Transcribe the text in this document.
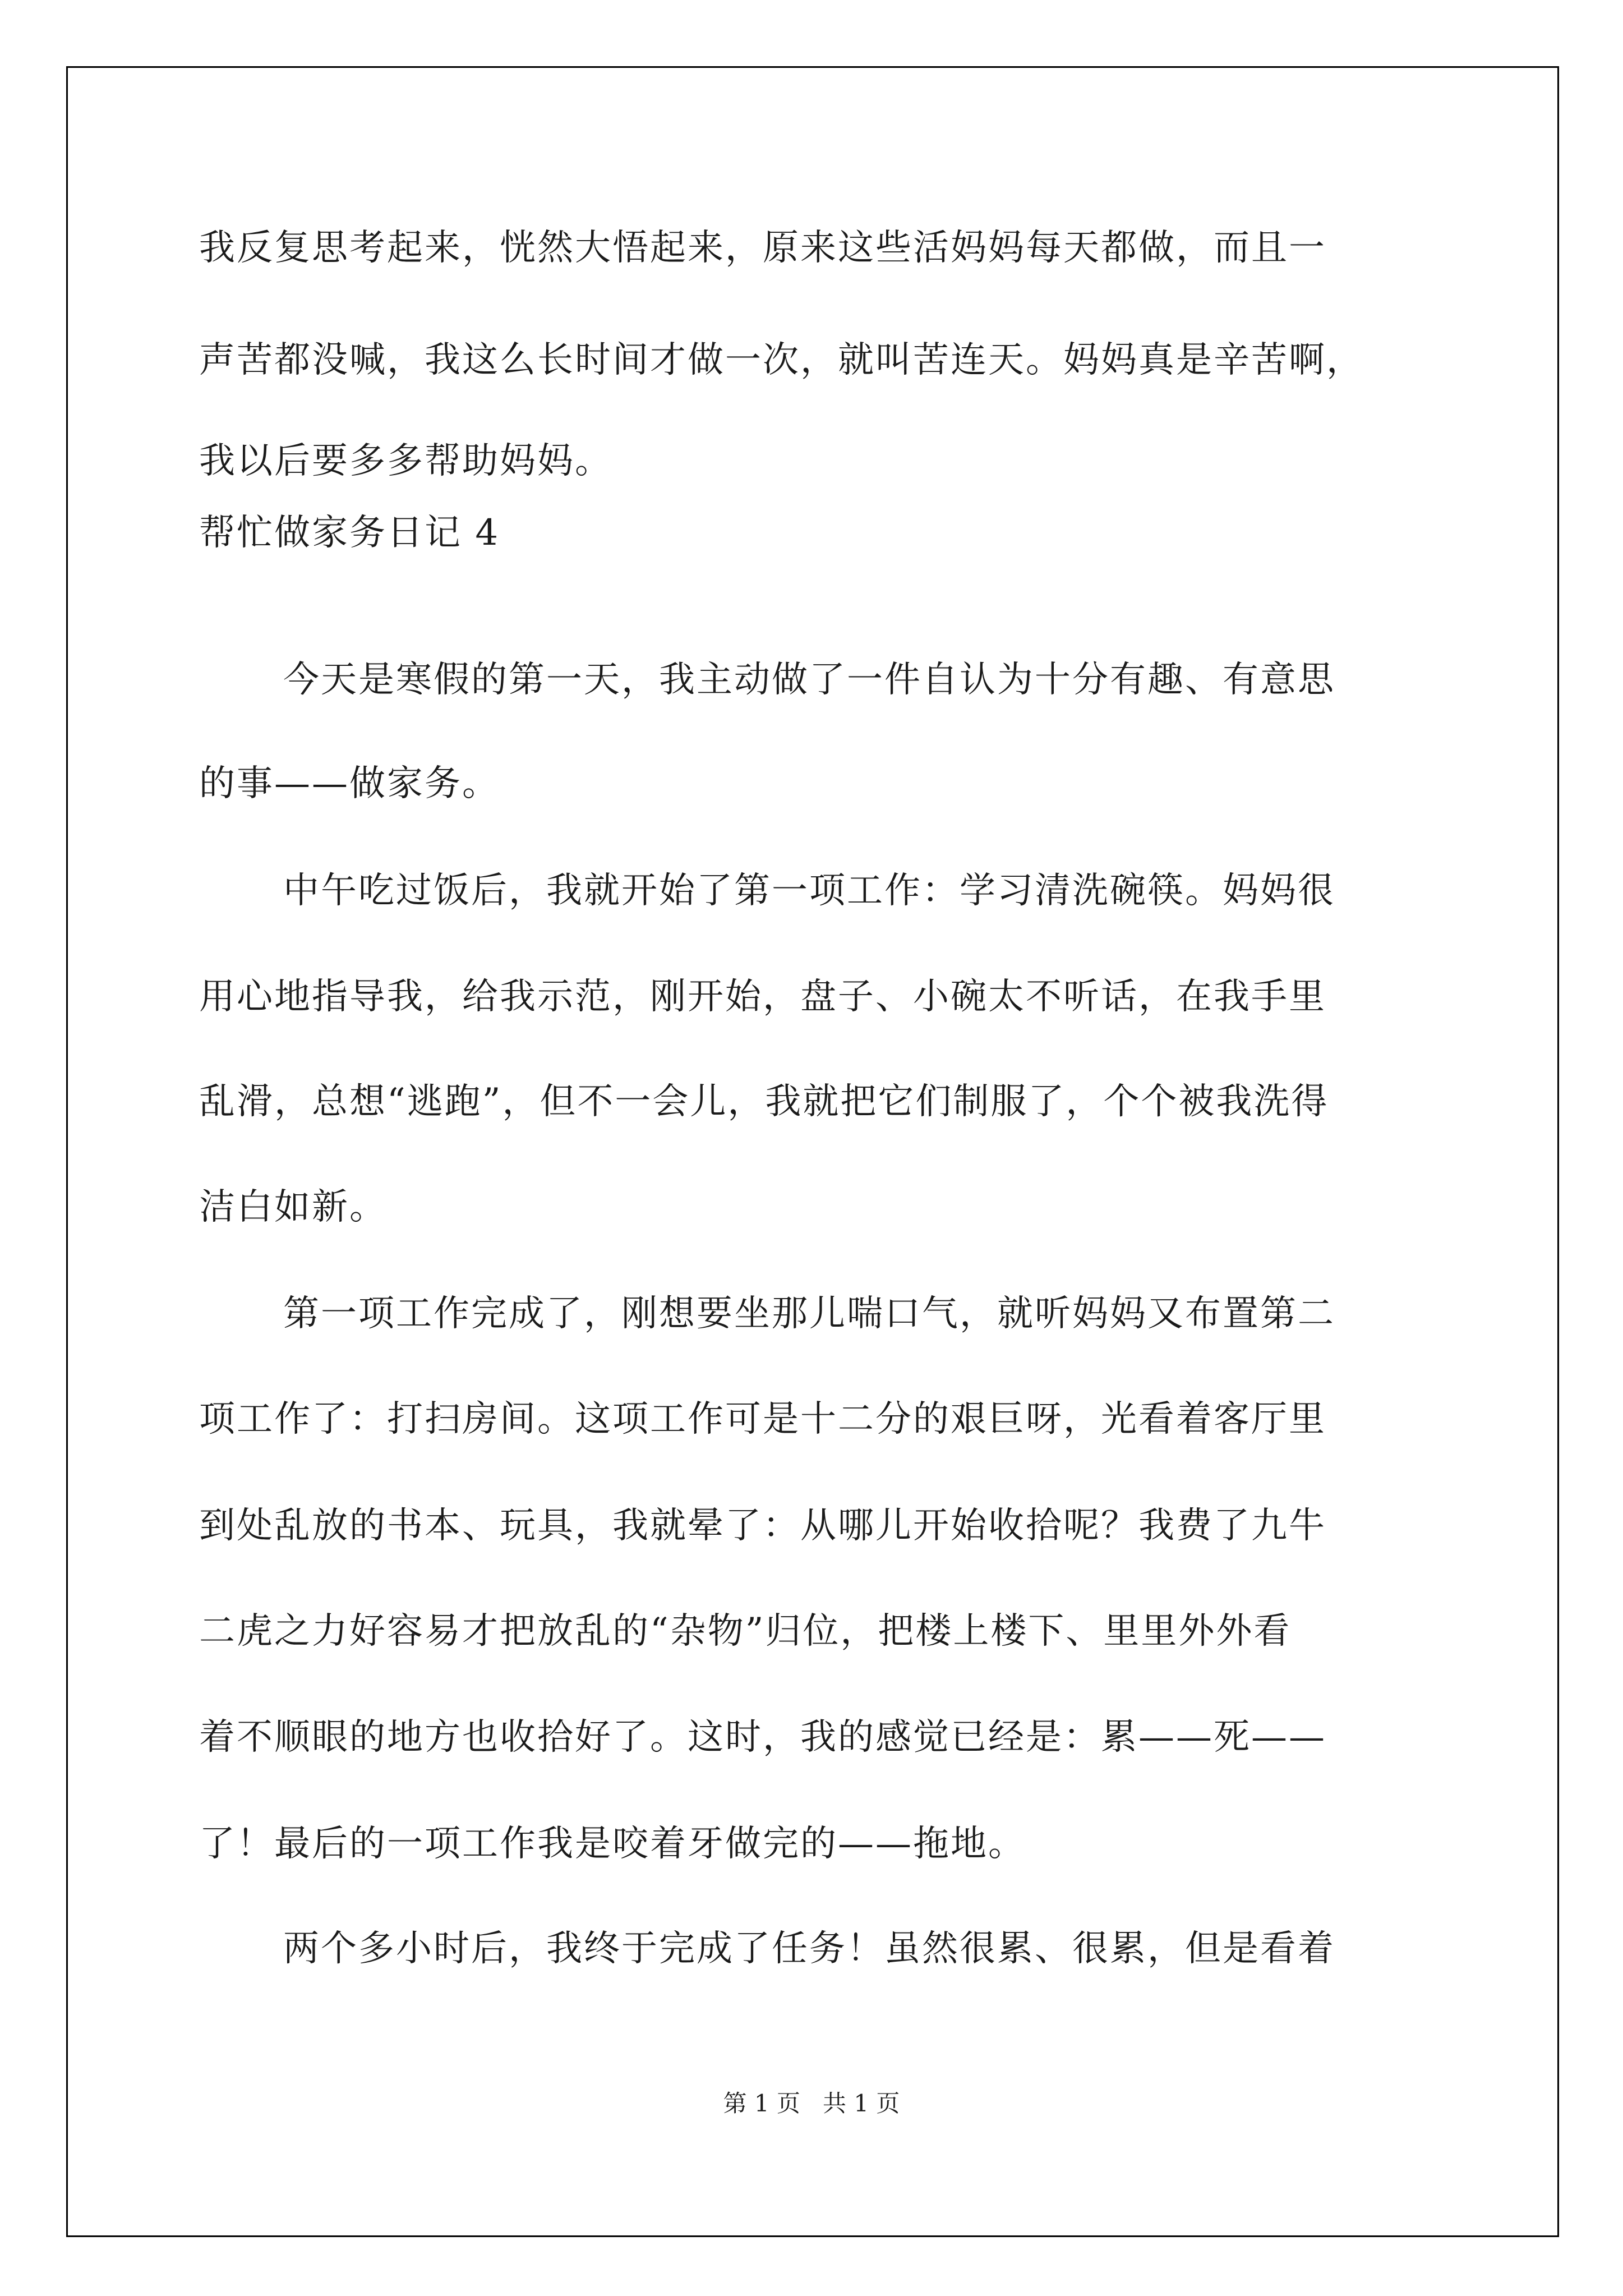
我反复思考起来，恍然大悟起来，原来这些活妈妈每天都做，而且一
声苦都没喊，我这么长时间才做一次，就叫苦连天。妈妈真是辛苦啊，
我以后要多多帮助妈妈。
帮忙做家务日记 4
今天是寒假的第一天，我主动做了一件自认为十分有趣、有意思
的事——做家务。
中午吃过饭后，我就开始了第一项工作：学习清洗碗筷。妈妈很
用心地指导我，给我示范，刚开始，盘子、小碗太不听话，在我手里
乱滑，总想“逃跑”，但不一会儿，我就把它们制服了，个个被我洗得
洁白如新。
第一项工作完成了，刚想要坐那儿喘口气，就听妈妈又布置第二
项工作了：打扫房间。这项工作可是十二分的艰巨呀，光看着客厅里
到处乱放的书本、玩具，我就晕了：从哪儿开始收拾呢？我费了九牛
二虎之力好容易才把放乱的“杂物”归位，把楼上楼下、里里外外看
着不顺眼的地方也收拾好了。这时，我的感觉已经是：累——死——
了！最后的一项工作我是咬着牙做完的——拖地。
两个多小时后，我终于完成了任务！虽然很累、很累，但是看着
第 1 页 共 1 页
